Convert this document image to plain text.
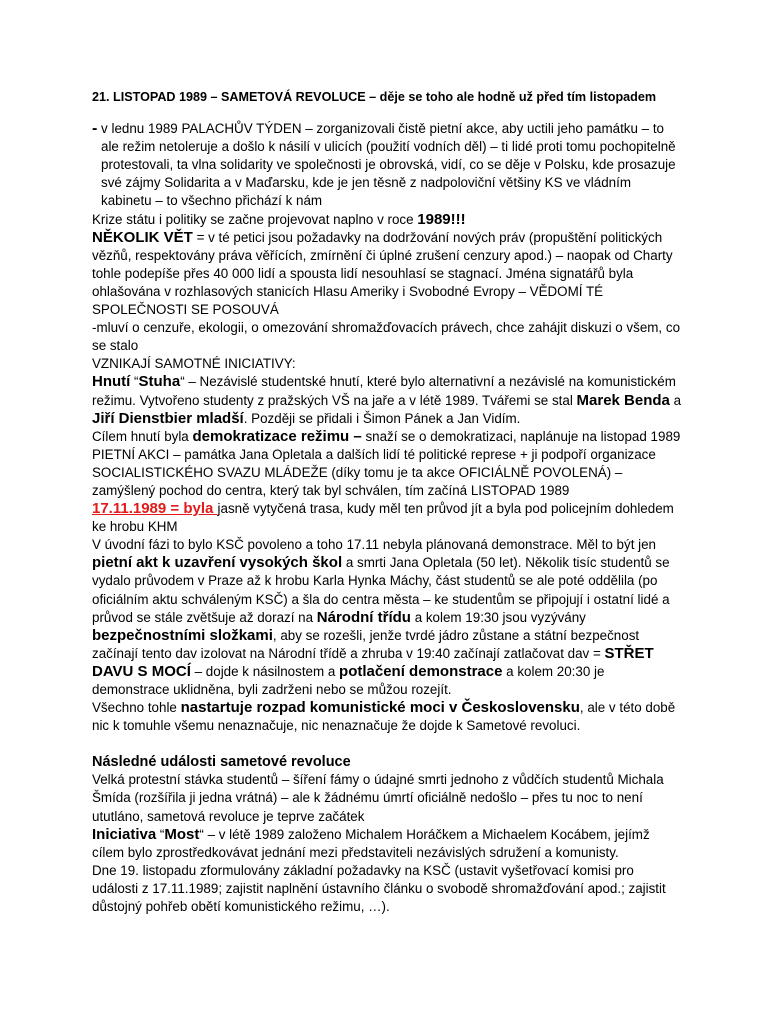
21. LISTOPAD 1989 – SAMETOVÁ REVOLUCE – děje se toho ale hodně už před tím listopadem

- v lednu 1989 PALACHŮV TÝDEN – zorganizovali čistě pietní akce, aby uctili jeho památku – to ale režim netoleruje a došlo k násilí v ulicích (použití vodních děl) – ti lidé proti tomu pochopitelně protestovali, ta vlna solidarity ve společnosti je obrovská, vidí, co se děje v Polsku, kde prosazuje své zájmy Solidarita a v Maďarsku, kde je jen těsně z nadpoloviční většiny KS ve vládním kabinetu – to všechno přichází k nám

Krize státu i politiky se začne projevovat naplno v roce 1989!!!

NĚKOLIK VĚT = v té petici jsou požadavky na dodržování nových práv (propuštění politických vězňů, respektovány práva věřících, zmírnění či úplné zrušení cenzury apod.) – naopak od Charty tohle podepíše přes 40 000 lidí a spousta lidí nesouhlasí se stagnací. Jména signatářů byla ohlašována v rozhlasových stanicích Hlasu Ameriky i Svobodné Evropy – VĚDOMÍ TÉ SPOLEČNOSTI SE POSOUVÁ

-mluví o cenzuře, ekologii, o omezování shromažďovacích právech, chce zahájit diskuzi o všem, co se stalo

VZNIKAJÍ SAMOTNÉ INICIATIVY:

Hnutí “Stuha“ – Nezávislé studentské hnutí, které bylo alternativní a nezávislé na komunistickém režimu. Vytvořeno studenty z pražských VŠ na jaře a v létě 1989. Tvářemi se stal Marek Benda a Jiří Dienstbier mladší. Později se přidali i Šimon Pánek a Jan Vidím.

Cílem hnutí byla demokratizace režimu – snaží se o demokratizaci, naplánuje na listopad 1989 PIETNÍ AKCI – památka Jana Opletala a dalších lidí té politické represe + ji podpoří organizace SOCIALISTICKÉHO SVAZU MLÁDEŽE (díky tomu je ta akce OFICIÁLNĚ POVOLENÁ) – zamýšlený pochod do centra, který tak byl schválen, tím začíná LISTOPAD 1989

17.11.1989 = byla jasně vytyčená trasa, kudy měl ten průvod jít a byla pod policejním dohledem ke hrobu KHM

V úvodní fázi to bylo KSČ povoleno a toho 17.11 nebyla plánovaná demonstrace. Měl to být jen pietní akt k uzavření vysokých škol a smrti Jana Opletala (50 let). Několik tisíc studentů se vydalo průvodem v Praze až k hrobu Karla Hynka Máchy, část studentů se ale poté oddělila (po oficiálním aktu schváleným KSČ) a šla do centra města – ke studentům se připojují i ostatní lidé a průvod se stále zvětšuje až dorazí na Národní třídu a kolem 19:30 jsou vyzývány bezpečnostními složkami, aby se rozešli, jenže tvrdé jádro zůstane a státní bezpečnost začínají tento dav izolovat na Národní třídě a zhruba v 19:40 začínají zatlačovat dav = STŘET DAVU S MOCÍ – dojde k násilnostem a potlačení demonstrace a kolem 20:30 je demonstrace uklidněna, byli zadrženi nebo se můžou rozejít.

Všechno tohle nastartuje rozpad komunistické moci v Československu, ale v této době nic k tomuhle všemu nenaznačuje, nic nenaznačuje že dojde k Sametové revoluci.

Následné události sametové revoluce

Velká protestní stávka studentů – šíření fámy o údajné smrti jednoho z vůdčích studentů Michala Šmída (rozšířila ji jedna vrátná) – ale k žádnému úmrtí oficiálně nedošlo – přes tu noc to není ututláno, sametová revoluce je teprve začátek

Iniciativa “Most“ – v létě 1989 založeno Michalem Horáčkem a Michaelem Kocábem, jejímž cílem bylo zprostředkovávat jednání mezi představiteli nezávislých sdružení a komunisty.

Dne 19. listopadu zformulovány základní požadavky na KSČ (ustavit vyšetřovací komisi pro události z 17.11.1989; zajistit naplnění ústavního článku o svobodě shromažďování apod.; zajistit důstojný pohřeb obětí komunistického režimu, …).
